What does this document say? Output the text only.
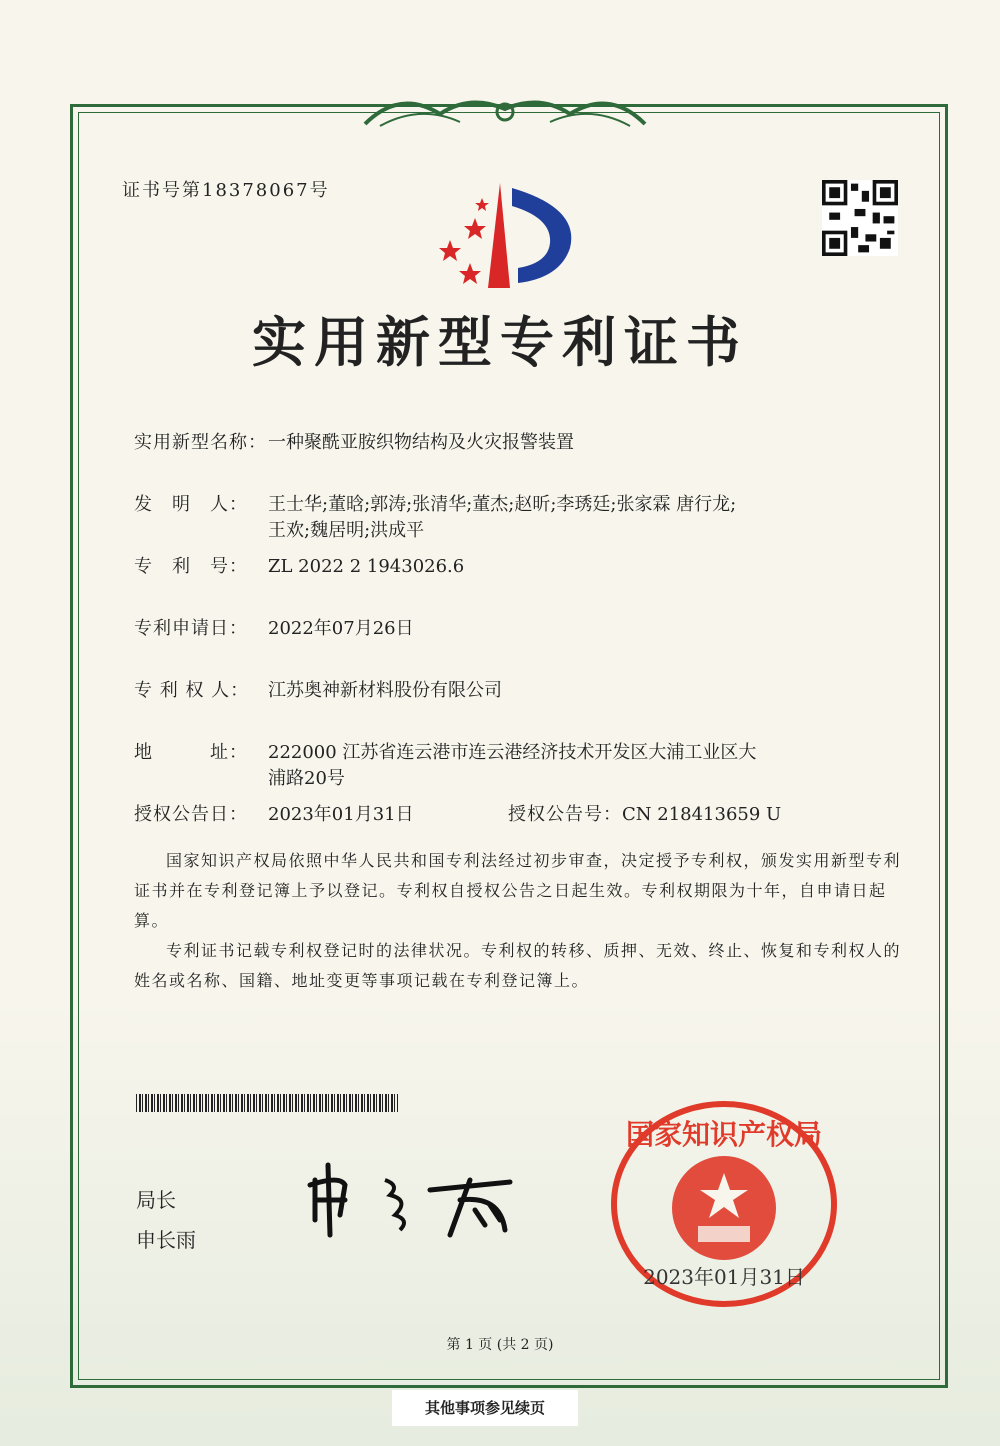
证书号第18378067号
实用新型专利证书
实用新型名称：一种聚酰亚胺织物结构及火灾报警装置
发　明　人： 王士华;董晗;郭涛;张清华;董杰;赵昕;李琇廷;张家霖 唐行龙;王欢;魏居明;洪成平
专　利　号： ZL 2022 2 1943026.6
专利申请日： 2022年07月26日
专 利 权 人： 江苏奥神新材料股份有限公司
地　　　址： 222000 江苏省连云港市连云港经济技术开发区大浦工业区大浦路20号
授权公告日： 2023年01月31日	授权公告号：CN 218413659 U
国家知识产权局依照中华人民共和国专利法经过初步审查，决定授予专利权，颁发实用新型专利证书并在专利登记簿上予以登记。专利权自授权公告之日起生效。专利权期限为十年，自申请日起算。
专利证书记载专利权登记时的法律状况。专利权的转移、质押、无效、终止、恢复和专利权人的姓名或名称、国籍、地址变更等事项记载在专利登记簿上。
局长
申长雨
国家知识产权局
2023年01月31日
第 1 页 (共 2 页)
其他事项参见续页
